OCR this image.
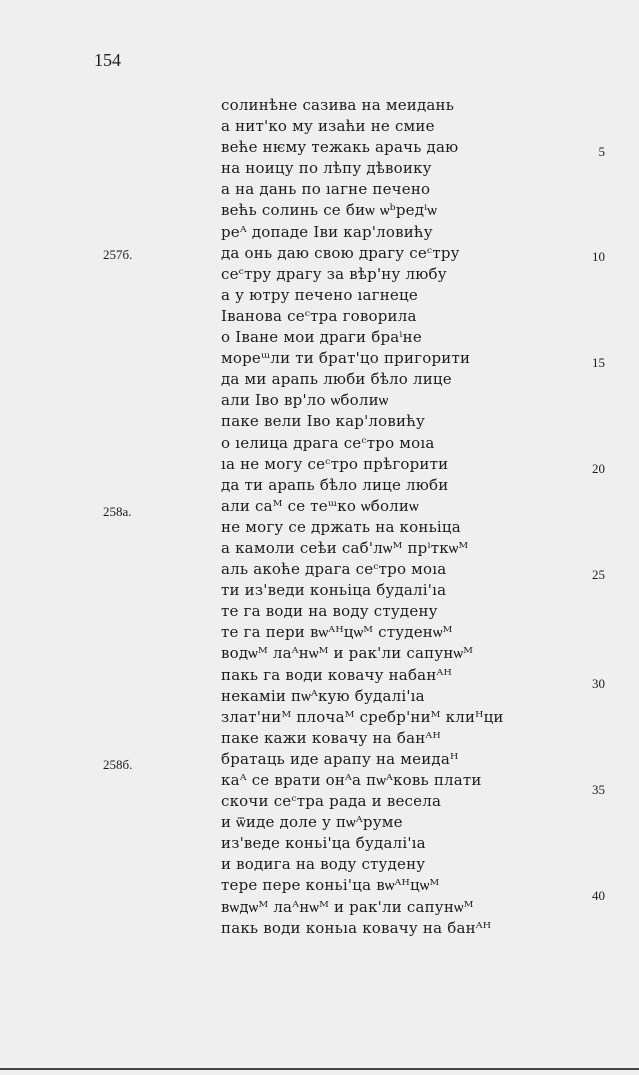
154
257б.
258а.
258б.
5
10
15
20
25
30
35
40
солинѣне сазива на меидань
а нит'ко му изаћи не смие
веће нѥму тежакь арачь даю
на ноицу по лѣпу дѣвоику
а на дань по ıагне печено
већь солинь се биѡ ѡᵇредⁱѡ
реᴬ допаде Іви кар'ловићу
да онь даю свою драгу сеᶜтру
сеᶜтру драгу за вѣр'ну любу
а у ютру печено ıагнеце
Іванова сеᶜтра говорила
о Іване мои драги браⁱне
мореᵚли ти брат'цо пригорити
да ми арапь люби бѣло лице
али Іво вр'ло ѡболиѡ
паке вели Іво кар'ловићу
о ıелица драга сеᶜтро моıа
ıа не могу сеᶜтро прѣгорити
да ти арапь бѣло лице люби
али саᴹ се теᵚко ѡболиѡ
не могу се држать на коньіца
а камоли сеѣи саб'лѡᴹ прⁱткѡᴹ
аль акоће драга сеᶜтро моıа
ти из'веди коньіца будалі'ıа
те га води на воду студену
те га пери вѡᴬᴴцѡᴹ студенѡᴹ
водѡᴹ лаᴬнѡᴹ и рак'ли сапунѡᴹ
пакь га води ковачу набанᴬᴴ
некаміи пѡᴬкую будалі'ıа
злат'ниᴹ плочаᴹ сребр'ниᴹ клиᴴци
паке кажи ковачу на банᴬᴴ
братаць иде арапу на меидаᴴ
каᴬ се врати онᴬа пѡᴬковь плати
скочи сеᶜтра рада и весела
и ѿиде доле у пѡᴬруме
из'веде коньі'ца будалі'ıа
и водига на воду студену
тере пере коньі'ца вѡᴬᴴцѡᴹ
вѡдѡᴹ лаᴬнѡᴹ и рак'ли сапунѡᴹ
пакь води коньıа ковачу на банᴬᴴ
